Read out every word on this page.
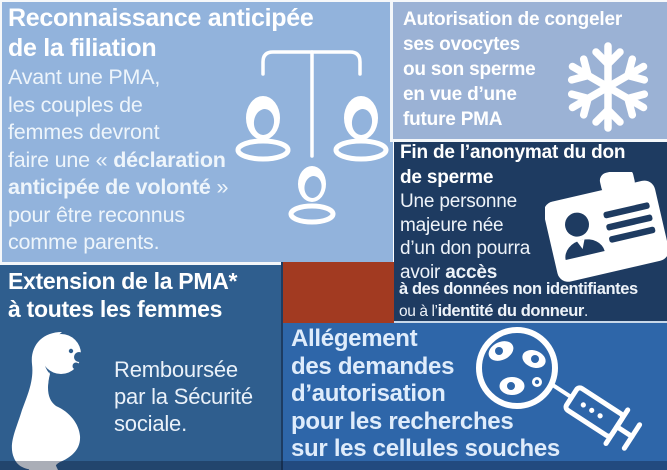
Reconnaissance anticipée
de la filiation
Avant une PMA,
les couples de
femmes devront
faire une « déclaration
anticipée de volonté »
pour être reconnus
comme parents.
Autorisation de congeler
ses ovocytes
ou son sperme
en vue d’une
future PMA
Fin de l’anonymat du don
de sperme
Une personne
majeure née
d’un don pourra
avoir accès
à des données non identifiantes
ou à l’identité du donneur.
Extension de la PMA*
à toutes les femmes
Remboursée
par la Sécurité
sociale.
Allégement
des demandes
d’autorisation
pour les recherches
sur les cellules souches
